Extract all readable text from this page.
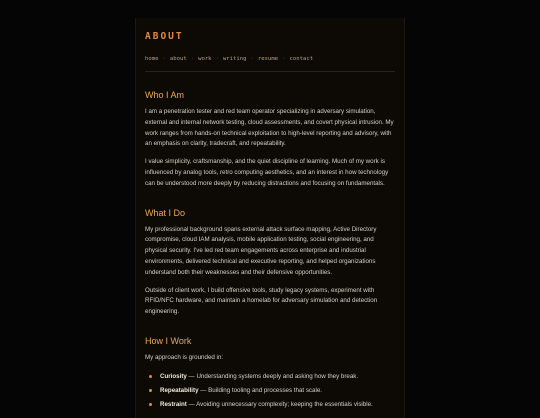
ABOUT
home · about · work · writing · resume · contact
Who I Am

I am a penetration tester and red team operator specializing in adversary simulation, external and internal network testing, cloud assessments, and covert physical intrusion. My work ranges from hands-on technical exploitation to high-level reporting and advisory, with an emphasis on clarity, tradecraft, and repeatability.

I value simplicity, craftsmanship, and the quiet discipline of learning. Much of my work is influenced by analog tools, retro computing aesthetics, and an interest in how technology can be understood more deeply by reducing distractions and focusing on fundamentals.

What I Do

My professional background spans external attack surface mapping, Active Directory compromise, cloud IAM analysis, mobile application testing, social engineering, and physical security. I've led red team engagements across enterprise and industrial environments, delivered technical and executive reporting, and helped organizations understand both their weaknesses and their defensive opportunities.

Outside of client work, I build offensive tools, study legacy systems, experiment with RFID/NFC hardware, and maintain a homelab for adversary simulation and detection engineering.

How I Work

My approach is grounded in:

Curiosity — Understanding systems deeply and asking how they break.
Repeatability — Building tooling and processes that scale.
Restraint — Avoiding unnecessary complexity; keeping the essentials visible.
